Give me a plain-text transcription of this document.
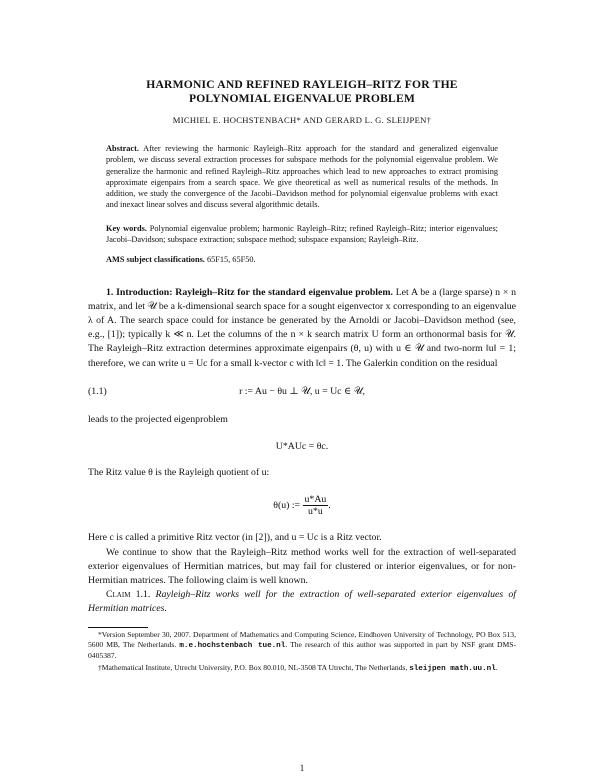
HARMONIC AND REFINED RAYLEIGH–RITZ FOR THE
POLYNOMIAL EIGENVALUE PROBLEM

MICHIEL E. HOCHSTENBACH* AND GERARD L. G. SLEIJPEN†
Abstract. After reviewing the harmonic Rayleigh–Ritz approach for the standard and generalized eigenvalue problem, we discuss several extraction processes for subspace methods for the polynomial eigenvalue problem. We generalize the harmonic and refined Rayleigh–Ritz approaches which lead to new approaches to extract promising approximate eigenpairs from a search space. We give theoretical as well as numerical results of the methods. In addition, we study the convergence of the Jacobi–Davidson method for polynomial eigenvalue problems with exact and inexact linear solves and discuss several algorithmic details.
Key words. Polynomial eigenvalue problem; harmonic Rayleigh–Ritz; refined Rayleigh–Ritz; interior eigenvalues; Jacobi–Davidson; subspace extraction; subspace method; subspace expansion; Rayleigh–Ritz.
AMS subject classifications. 65F15, 65F50.

1. Introduction: Rayleigh–Ritz for the standard eigenvalue problem. Let A be a (large sparse) n × n matrix, and let 𝒰 be a k-dimensional search space for a sought eigenvector x corresponding to an eigenvalue λ of A. The search space could for instance be generated by the Arnoldi or Jacobi–Davidson method (see, e.g., [1]); typically k ≪ n. Let the columns of the n × k search matrix U form an orthonormal basis for 𝒰. The Rayleigh–Ritz extraction determines approximate eigenpairs (θ, u) with u ∈ 𝒰 and two-norm ‖u‖ = 1; therefore, we can write u = Uc for a small k-vector c with ‖c‖ = 1. The Galerkin condition on the residual

(1.1)	r := Au − θu ⊥ 𝒰, u = Uc ∈ 𝒰,

leads to the projected eigenproblem

U*AUc = θc.

The Ritz value θ is the Rayleigh quotient of u:

θ(u) := $\frac{u*Au}{u*u}$ .

Here c is called a primitive Ritz vector (in [2]), and u = Uc is a Ritz vector.

We continue to show that the Rayleigh–Ritz method works well for the extraction of well-separated exterior eigenvalues of Hermitian matrices, but may fail for clustered or interior eigenvalues, or for non-Hermitian matrices. The following claim is well known.

Claim 1.1. Rayleigh–Ritz works well for the extraction of well-separated exterior eigenvalues of Hermitian matrices.

*Version September 30, 2007. Department of Mathematics and Computing Science, Eindhoven University of Technology, PO Box 513, 5600 MB, The Netherlands. m.e.hochstenbach tue.nl. The research of this author was supported in part by NSF grant DMS-0405387.

†Mathematical Institute, Utrecht University, P.O. Box 80.010, NL-3508 TA Utrecht, The Netherlands, sleijpen math.uu.nl.

1
